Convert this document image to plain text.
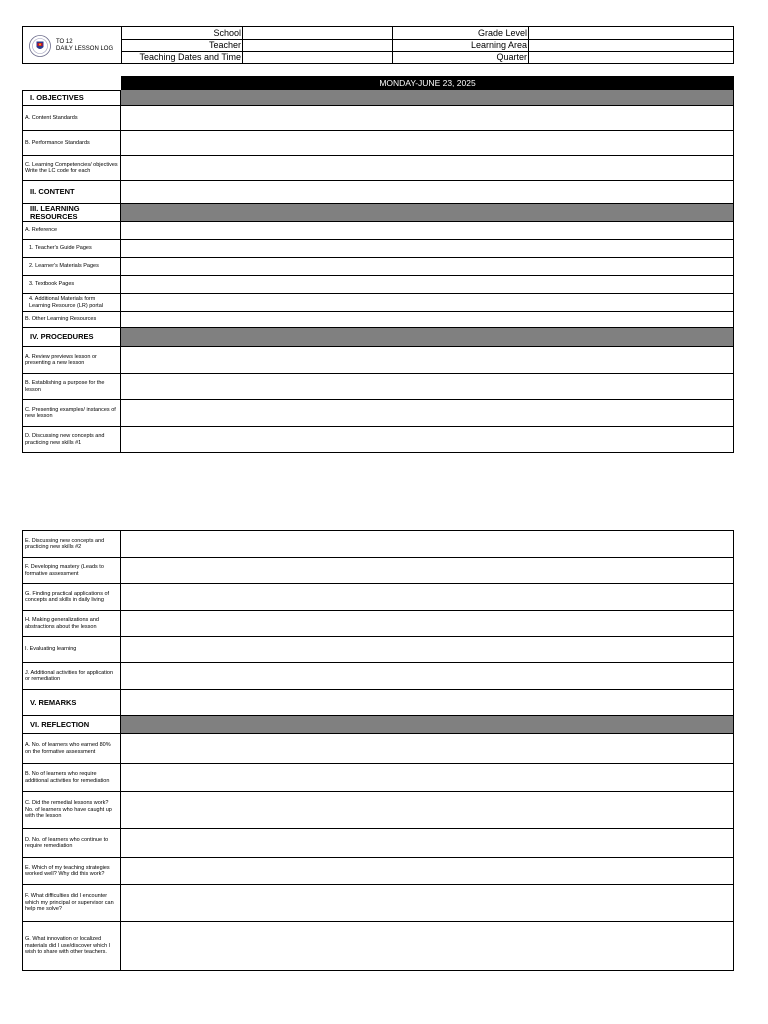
TO 12
DAILY LESSON LOG
School	Grade Level
Teacher	Learning Area
Teaching Dates and Time	Quarter
MONDAY-JUNE 23, 2025
I. OBJECTIVES
A. Content Standards
B. Performance Standards
C. Learning Competencies/ objectives
Write the LC code for each
II. CONTENT
III. LEARNING RESOURCES
A. Reference
1. Teacher's Guide Pages
2. Learner's Materials Pages
3. Textbook Pages
4. Additional Materials form Learning Resource (LR) portal
B. Other Learning Resources
IV. PROCEDURES
A. Review previews lesson or presenting a new lesson
B. Establishing a purpose for the lesson
C. Presenting examples/ instances of new lesson
D. Discussing new concepts and practicing new skills #1
E. Discussing new concepts and practicing new skills #2
F. Developing mastery (Leads to formative assessment
G. Finding practical applications of concepts and skills in daily living
H. Making generalizations and abstractions about the lesson
I. Evaluating learning
J. Additional activities for application or remediation
V. REMARKS
VI. REFLECTION
A. No. of learners who earned 80% on the formative assessment
B. No of learners who require additional activities for remediation
C. Did the remedial lessons work? No. of learners who have caught up with the lesson
D. No. of learners who continue to require remediation
E. Which of my teaching strategies worked well? Why did this work?
F. What difficulties did I encounter which my principal or supervisor can help me solve?
G. What innovation or localized materials did I use/discover which I wish to share with other teachers.
